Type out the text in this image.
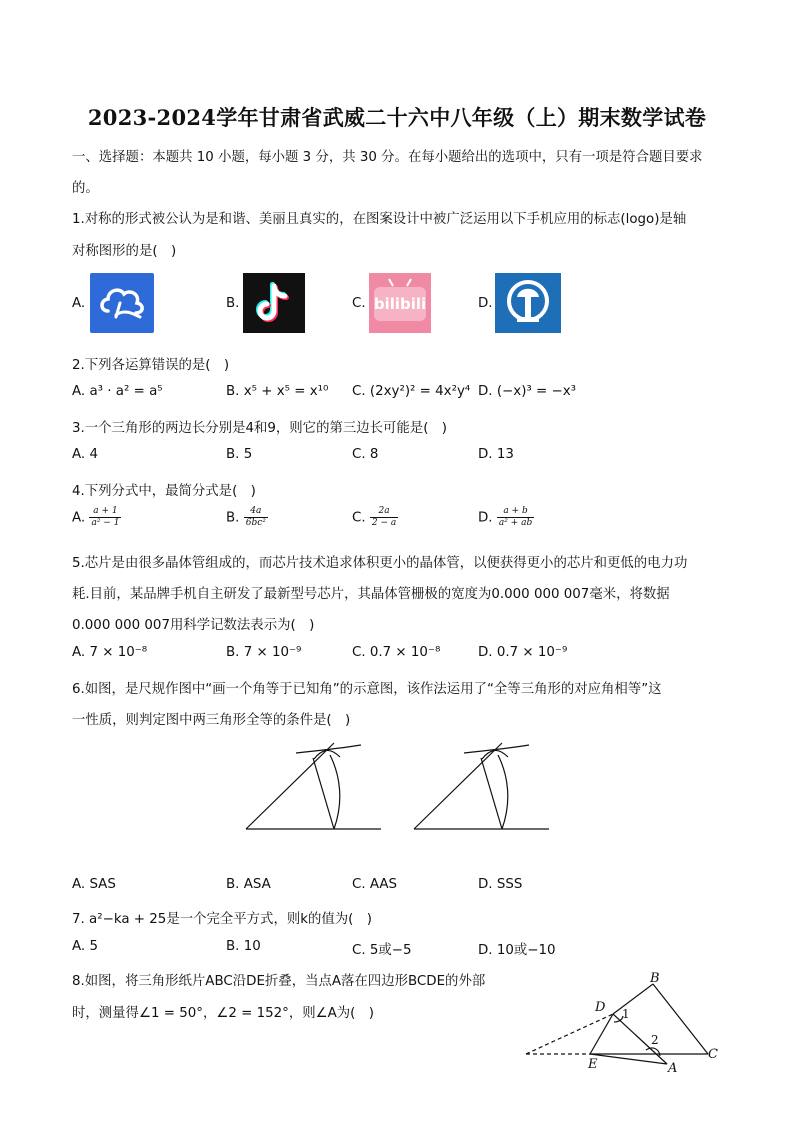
2023-2024学年甘肃省武威二十六中八年级（上）期末数学试卷
一、选择题：本题共 10 小题，每小题 3 分，共 30 分。在每小题给出的选项中，只有一项是符合题目要求
的。
1.对称的形式被公认为是和谐、美丽且真实的，在图案设计中被广泛运用以下手机应用的标志(logo)是轴
对称图形的是(　)
A.	B.	C. bilibili	D.
2.下列各运算错误的是(　)
A. a³ · a² = a⁵	B. x⁵ + x⁵ = x¹⁰ C. (2xy²)² = 4x²y⁴ D. (−x)³ = −x³
3.一个三角形的两边长分别是4和9，则它的第三边长可能是(　)
A. 4	B. 5	C. 8	D. 13
4.下列分式中，最简分式是(　)
A. $\frac{a + 1}{\text{a² − 1}}$	B. $\frac{4a}{\text{6bc²}}$	C. $\frac{2a}{2 - a}$	D. $\frac{a + b}{\text{a² + ab}}$
5.芯片是由很多晶体管组成的，而芯片技术追求体积更小的晶体管，以便获得更小的芯片和更低的电力功
耗.目前，某品牌手机自主研发了最新型号芯片，其晶体管栅极的宽度为0.000 000 007毫米，将数据
0.000 000 007用科学记数法表示为(　)
A. 7 × 10⁻⁸	B. 7 × 10⁻⁹	C. 0.7 × 10⁻⁸	D. 0.7 × 10⁻⁹
6.如图，是尺规作图中“画一个角等于已知角”的示意图，该作法运用了“全等三角形的对应角相等”这
一性质，则判定图中两三角形全等的条件是(　)
A. SAS	B. ASA	C. AAS	D. SSS
7. a²−ka + 25是一个完全平方式，则k的值为(　)
A. 5	B. 10	C. 5或−5	D. 10或−10
8.如图，将三角形纸片ABC沿DE折叠，当点A落在四边形BCDE的外部
时，测量得∠1 = 50°，∠2 = 152°，则∠A为(　)
B
D 1
2
C
E	A
